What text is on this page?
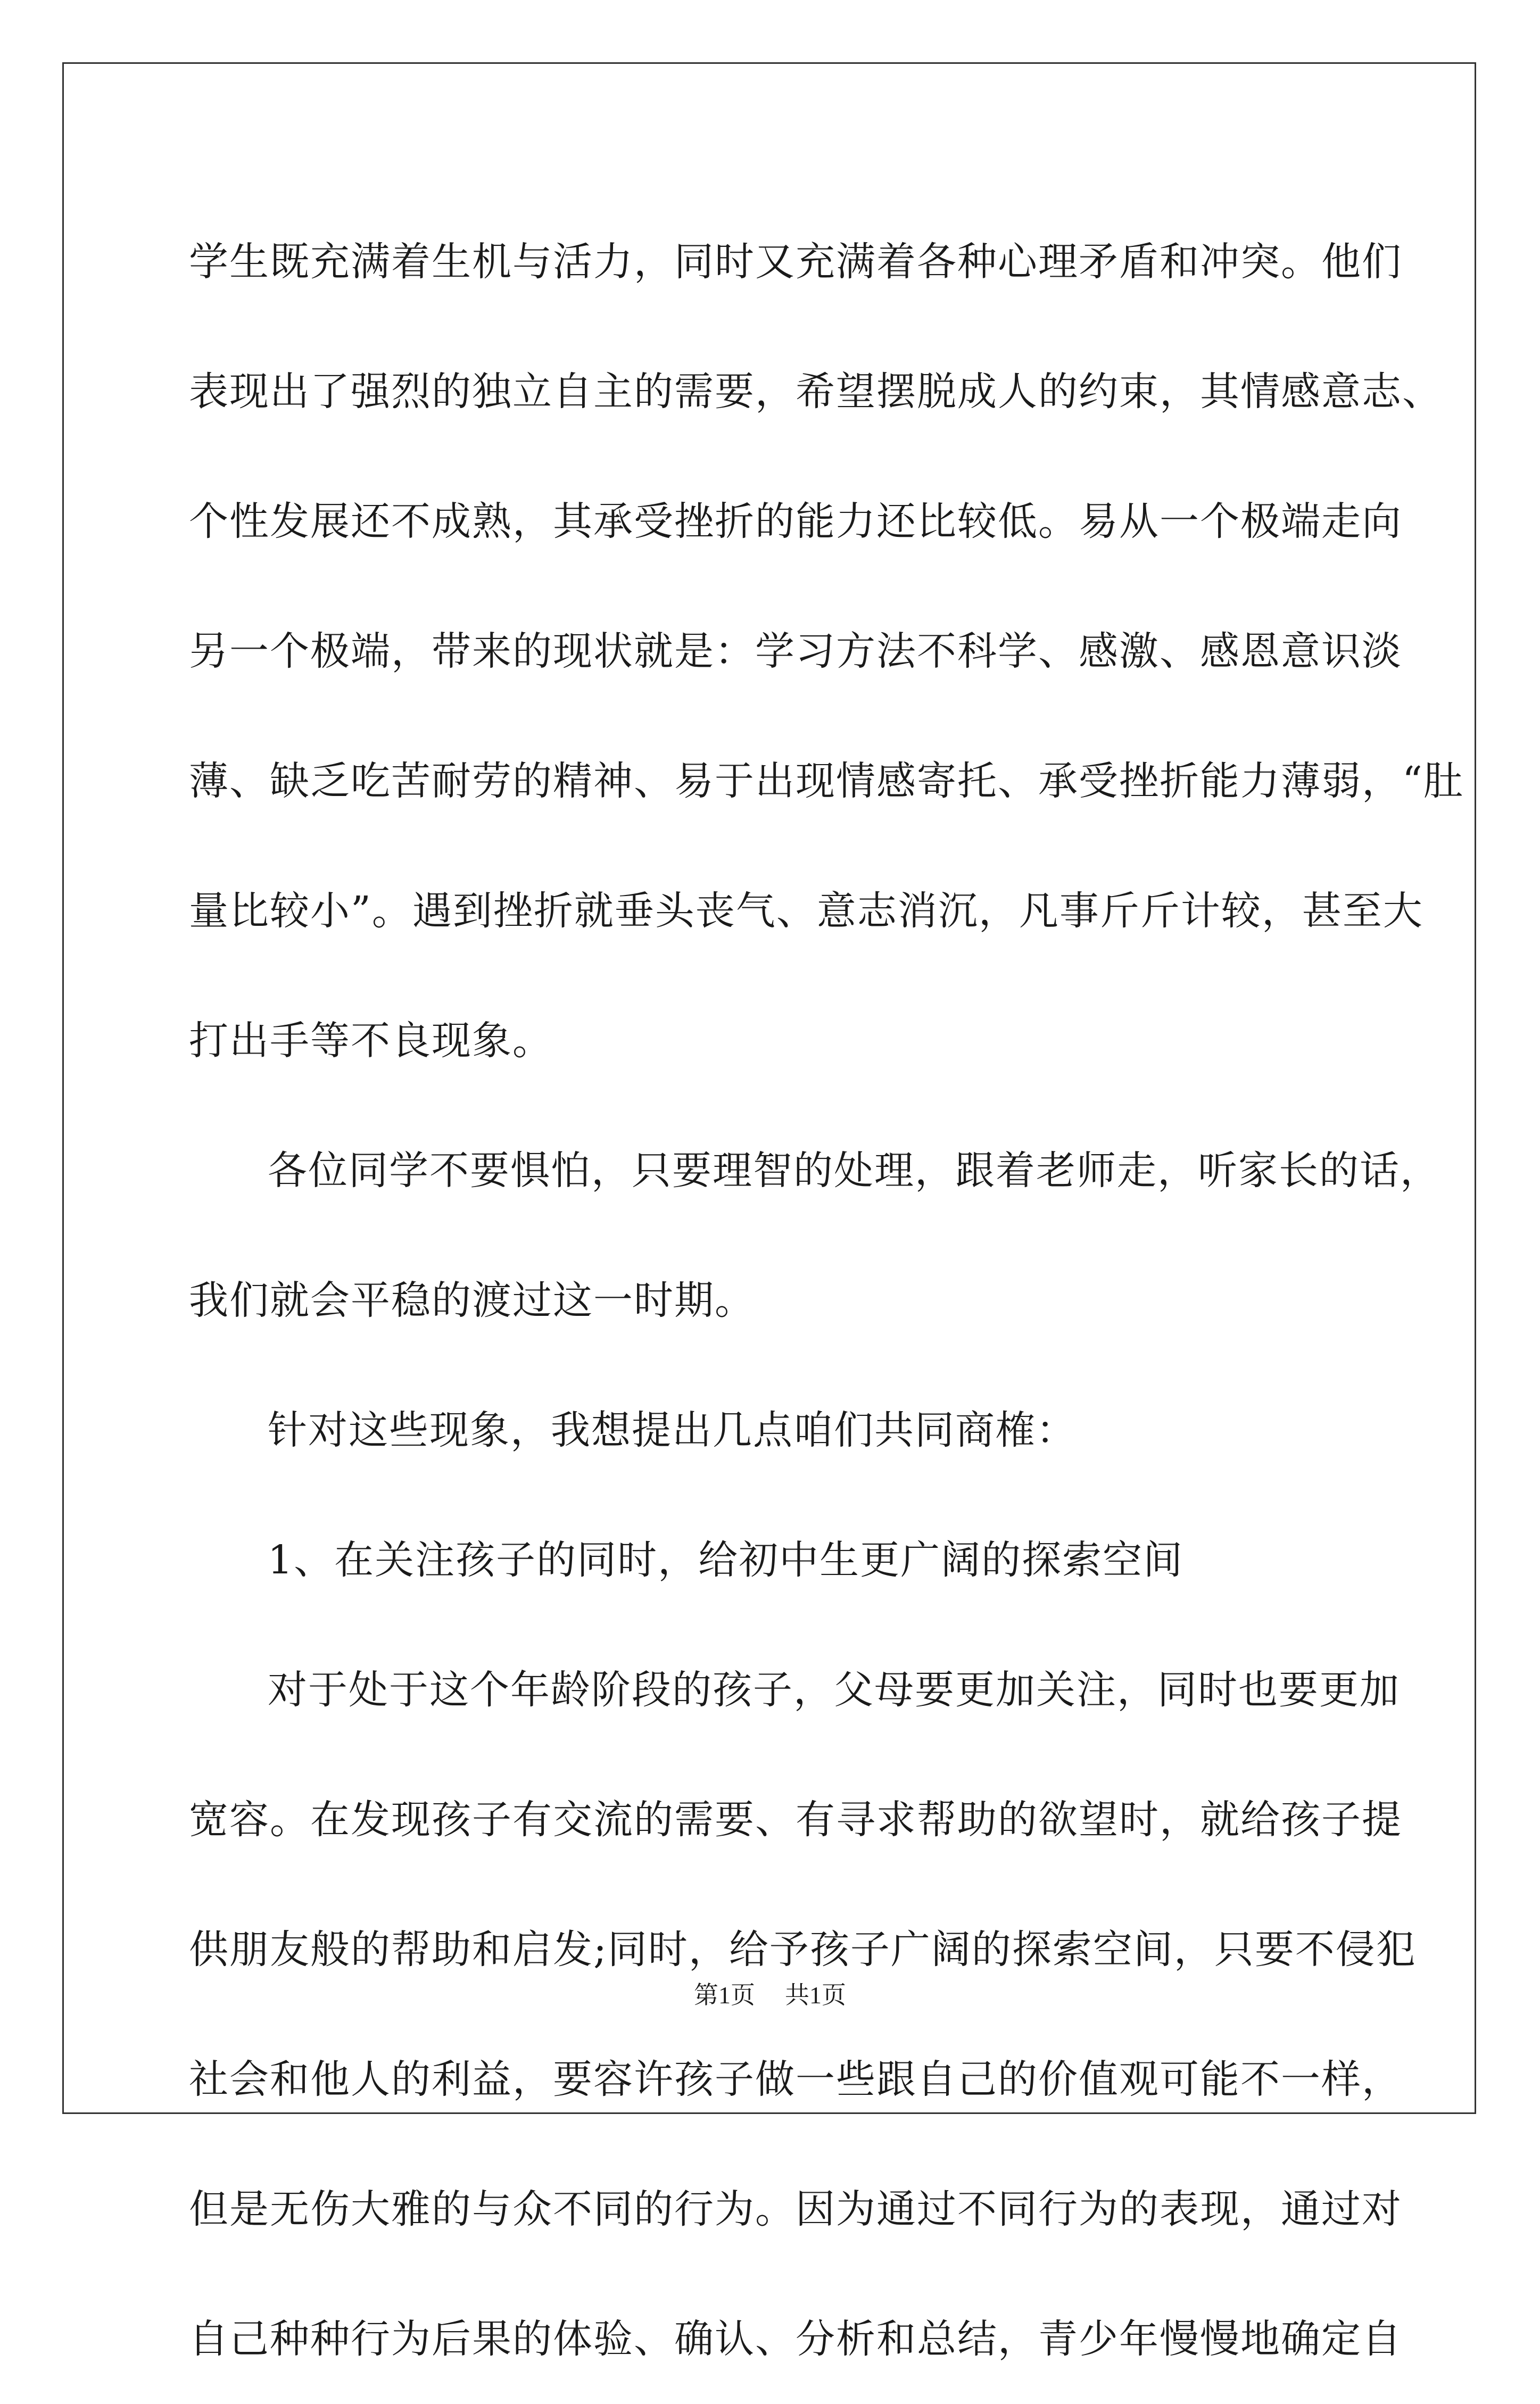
学生既充满着生机与活力，同时又充满着各种心理矛盾和冲突。他们
表现出了强烈的独立自主的需要，希望摆脱成人的约束，其情感意志、
个性发展还不成熟，其承受挫折的能力还比较低。易从一个极端走向
另一个极端，带来的现状就是：学习方法不科学、感激、感恩意识淡
薄、缺乏吃苦耐劳的精神、易于出现情感寄托、承受挫折能力薄弱，“肚
量比较小”。遇到挫折就垂头丧气、意志消沉，凡事斤斤计较，甚至大
打出手等不良现象。
各位同学不要惧怕，只要理智的处理，跟着老师走，听家长的话，
我们就会平稳的渡过这一时期。
针对这些现象，我想提出几点咱们共同商榷：
1、在关注孩子的同时，给初中生更广阔的探索空间
对于处于这个年龄阶段的孩子，父母要更加关注，同时也要更加
宽容。在发现孩子有交流的需要、有寻求帮助的欲望时，就给孩子提
供朋友般的帮助和启发;同时，给予孩子广阔的探索空间，只要不侵犯
社会和他人的利益，要容许孩子做一些跟自己的价值观可能不一样，
但是无伤大雅的与众不同的行为。因为通过不同行为的表现，通过对
自己种种行为后果的体验、确认、分析和总结，青少年慢慢地确定自
第1页 共1页
